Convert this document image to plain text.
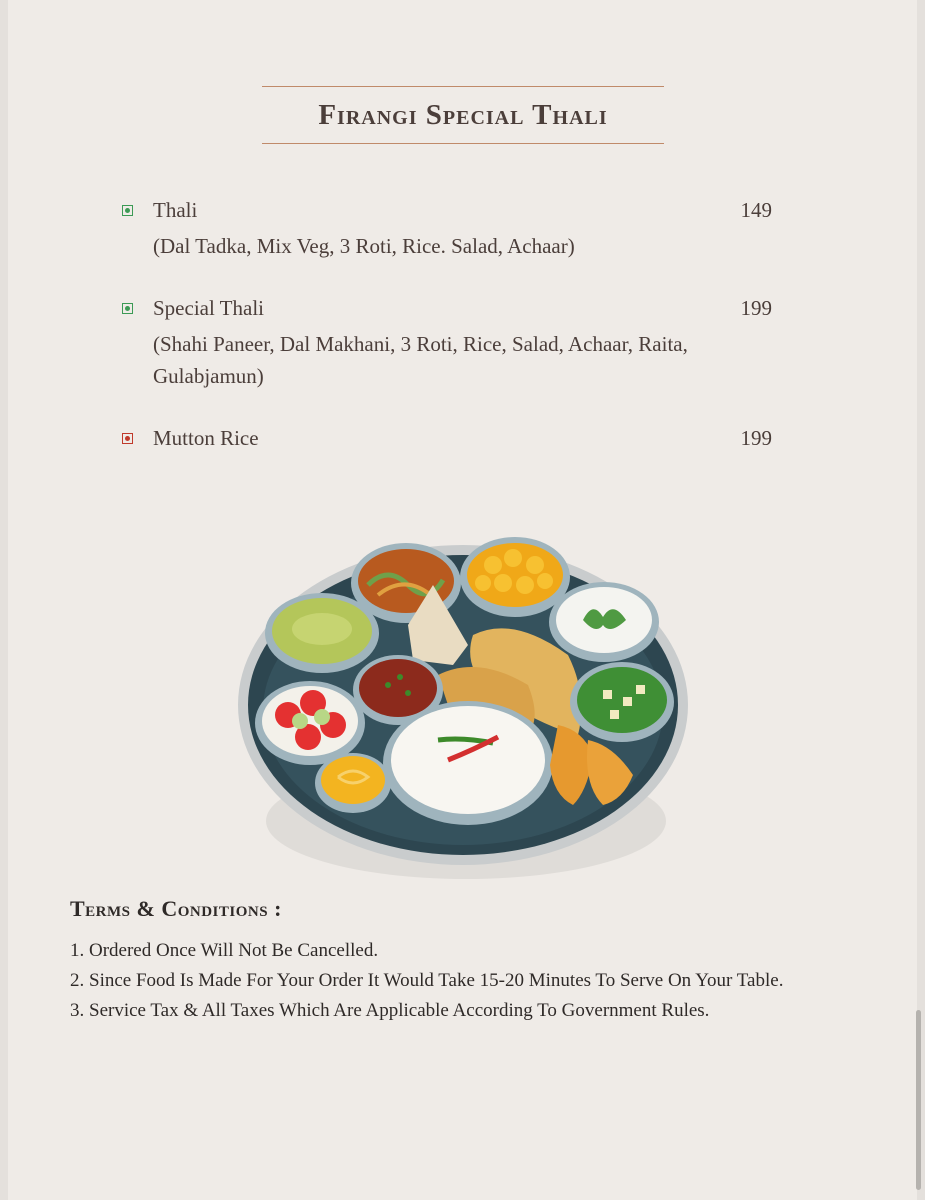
Firangi Special Thali
Thali	149
(Dal Tadka, Mix Veg, 3 Roti, Rice. Salad, Achaar)
Special Thali	199
(Shahi Paneer, Dal Makhani, 3 Roti, Rice, Salad, Achaar, Raita, Gulabjamun)
Mutton Rice	199
Terms & Conditions :
1. Ordered Once Will Not Be Cancelled.
2. Since Food Is Made For Your Order It Would Take 15-20 Minutes To Serve On Your Table.
3. Service Tax & All Taxes Which Are Applicable According To Government Rules.
